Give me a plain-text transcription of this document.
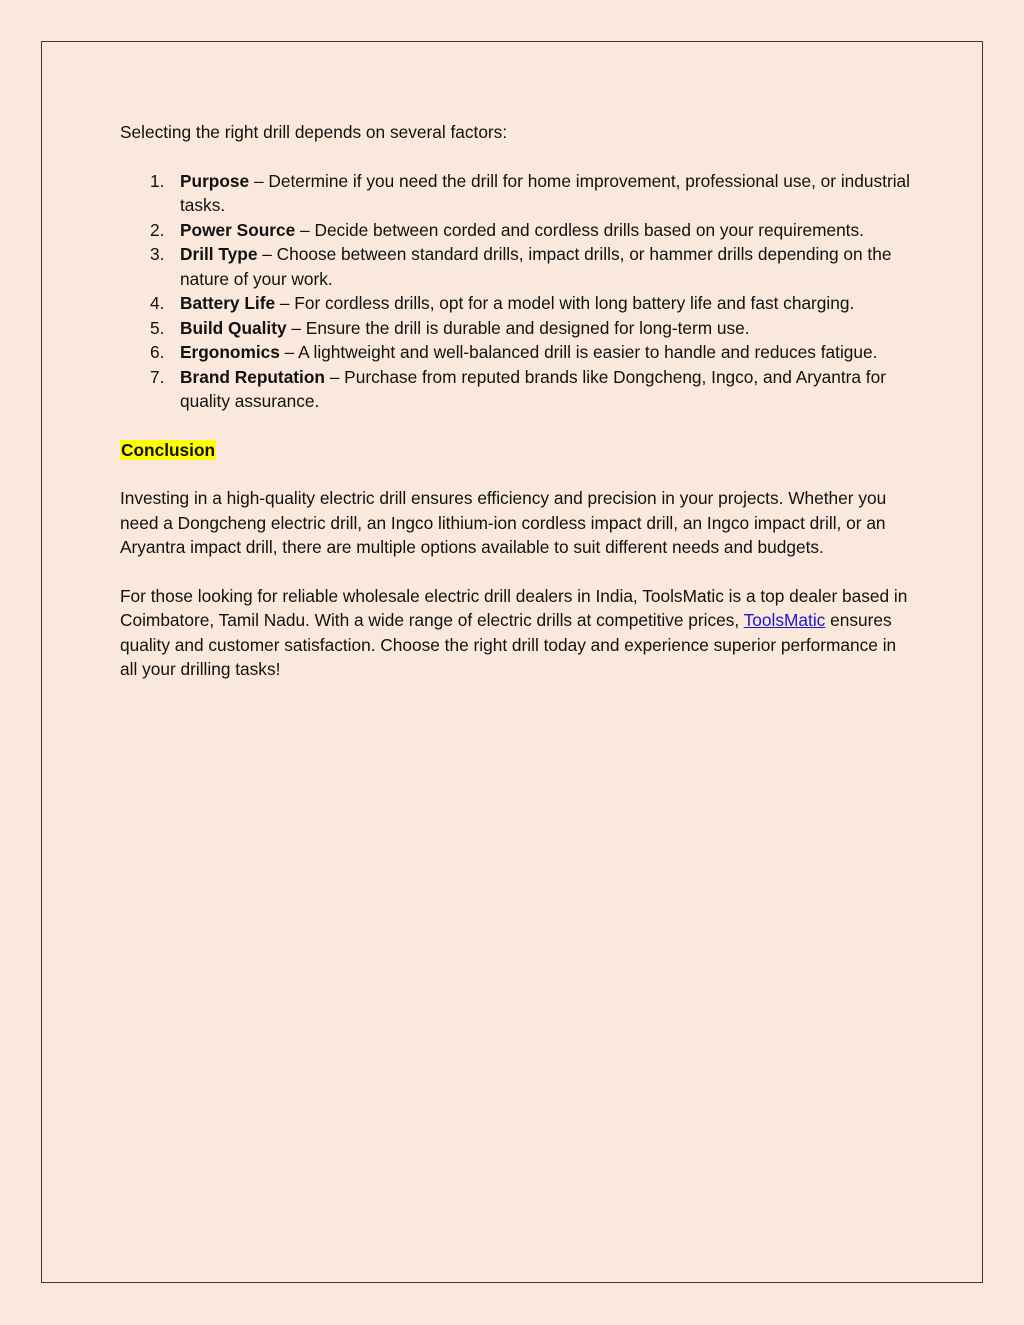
Selecting the right drill depends on several factors:

1. Purpose – Determine if you need the drill for home improvement, professional use, or industrial tasks.
2. Power Source – Decide between corded and cordless drills based on your requirements.
3. Drill Type – Choose between standard drills, impact drills, or hammer drills depending on the nature of your work.
4. Battery Life – For cordless drills, opt for a model with long battery life and fast charging.
5. Build Quality – Ensure the drill is durable and designed for long-term use.
6. Ergonomics – A lightweight and well-balanced drill is easier to handle and reduces fatigue.
7. Brand Reputation – Purchase from reputed brands like Dongcheng, Ingco, and Aryantra for quality assurance.

Conclusion

Investing in a high-quality electric drill ensures efficiency and precision in your projects. Whether you need a Dongcheng electric drill, an Ingco lithium-ion cordless impact drill, an Ingco impact drill, or an Aryantra impact drill, there are multiple options available to suit different needs and budgets.

For those looking for reliable wholesale electric drill dealers in India, ToolsMatic is a top dealer based in Coimbatore, Tamil Nadu. With a wide range of electric drills at competitive prices, ToolsMatic ensures quality and customer satisfaction. Choose the right drill today and experience superior performance in all your drilling tasks!
